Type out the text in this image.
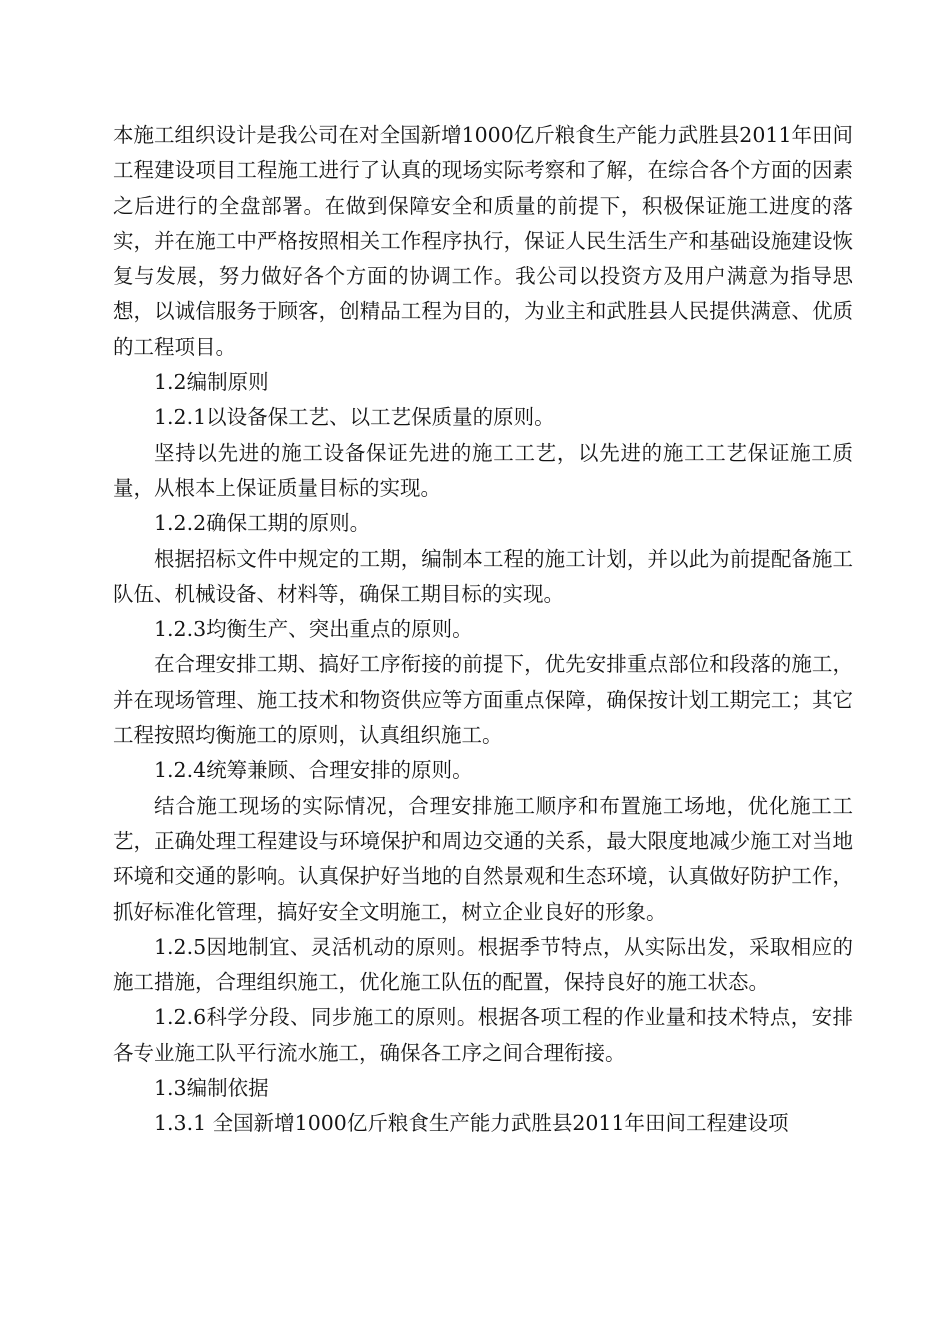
本施工组织设计是我公司在对全国新增1000亿斤粮食生产能力武胜县2011年田间工程建设项目工程施工进行了认真的现场实际考察和了解，在综合各个方面的因素之后进行的全盘部署。在做到保障安全和质量的前提下，积极保证施工进度的落实，并在施工中严格按照相关工作程序执行，保证人民生活生产和基础设施建设恢复与发展，努力做好各个方面的协调工作。我公司以投资方及用户满意为指导思想，以诚信服务于顾客，创精品工程为目的，为业主和武胜县人民提供满意、优质的工程项目。

1.2编制原则

1.2.1以设备保工艺、以工艺保质量的原则。

坚持以先进的施工设备保证先进的施工工艺，以先进的施工工艺保证施工质量，从根本上保证质量目标的实现。

1.2.2确保工期的原则。

根据招标文件中规定的工期，编制本工程的施工计划，并以此为前提配备施工队伍、机械设备、材料等，确保工期目标的实现。

1.2.3均衡生产、突出重点的原则。

在合理安排工期、搞好工序衔接的前提下，优先安排重点部位和段落的施工，并在现场管理、施工技术和物资供应等方面重点保障，确保按计划工期完工；其它工程按照均衡施工的原则，认真组织施工。

1.2.4统筹兼顾、合理安排的原则。

结合施工现场的实际情况，合理安排施工顺序和布置施工场地，优化施工工艺，正确处理工程建设与环境保护和周边交通的关系，最大限度地减少施工对当地环境和交通的影响。认真保护好当地的自然景观和生态环境，认真做好防护工作，抓好标准化管理，搞好安全文明施工，树立企业良好的形象。

1.2.5因地制宜、灵活机动的原则。根据季节特点，从实际出发，采取相应的施工措施，合理组织施工，优化施工队伍的配置，保持良好的施工状态。

1.2.6科学分段、同步施工的原则。根据各项工程的作业量和技术特点，安排各专业施工队平行流水施工，确保各工序之间合理衔接。

1.3编制依据

1.3.1 全国新增1000亿斤粮食生产能力武胜县2011年田间工程建设项
